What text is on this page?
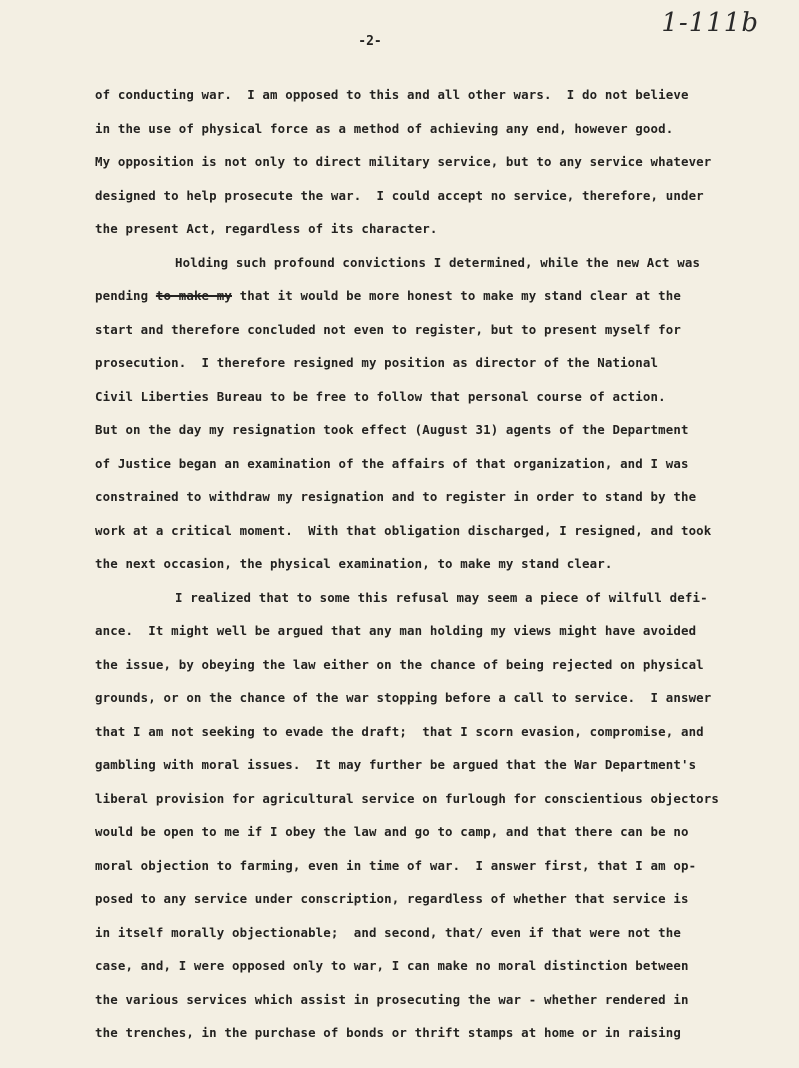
1-111b
-2-
of conducting war.  I am opposed to this and all other wars.  I do not believe
in the use of physical force as a method of achieving any end, however good.
My opposition is not only to direct military service, but to any service whatever
designed to help prosecute the war.  I could accept no service, therefore, under
the present Act, regardless of its character.
Holding such profound convictions I determined, while the new Act was
pending to make my that it would be more honest to make my stand clear at the
start and therefore concluded not even to register, but to present myself for
prosecution.  I therefore resigned my position as director of the National
Civil Liberties Bureau to be free to follow that personal course of action.
But on the day my resignation took effect (August 31) agents of the Department
of Justice began an examination of the affairs of that organization, and I was
constrained to withdraw my resignation and to register in order to stand by the
work at a critical moment.  With that obligation discharged, I resigned, and took
the next occasion, the physical examination, to make my stand clear.
I realized that to some this refusal may seem a piece of wilfull defi-
ance.  It might well be argued that any man holding my views might have avoided
the issue, by obeying the law either on the chance of being rejected on physical
grounds, or on the chance of the war stopping before a call to service.  I answer
that I am not seeking to evade the draft;  that I scorn evasion, compromise, and
gambling with moral issues.  It may further be argued that the War Department's
liberal provision for agricultural service on furlough for conscientious objectors
would be open to me if I obey the law and go to camp, and that there can be no
moral objection to farming, even in time of war.  I answer first, that I am op-
posed to any service under conscription, regardless of whether that service is
in itself morally objectionable;  and second, that/ even if that were not the
case, and, I were opposed only to war, I can make no moral distinction between
the various services which assist in prosecuting the war - whether rendered in
the trenches, in the purchase of bonds or thrift stamps at home or in raising
